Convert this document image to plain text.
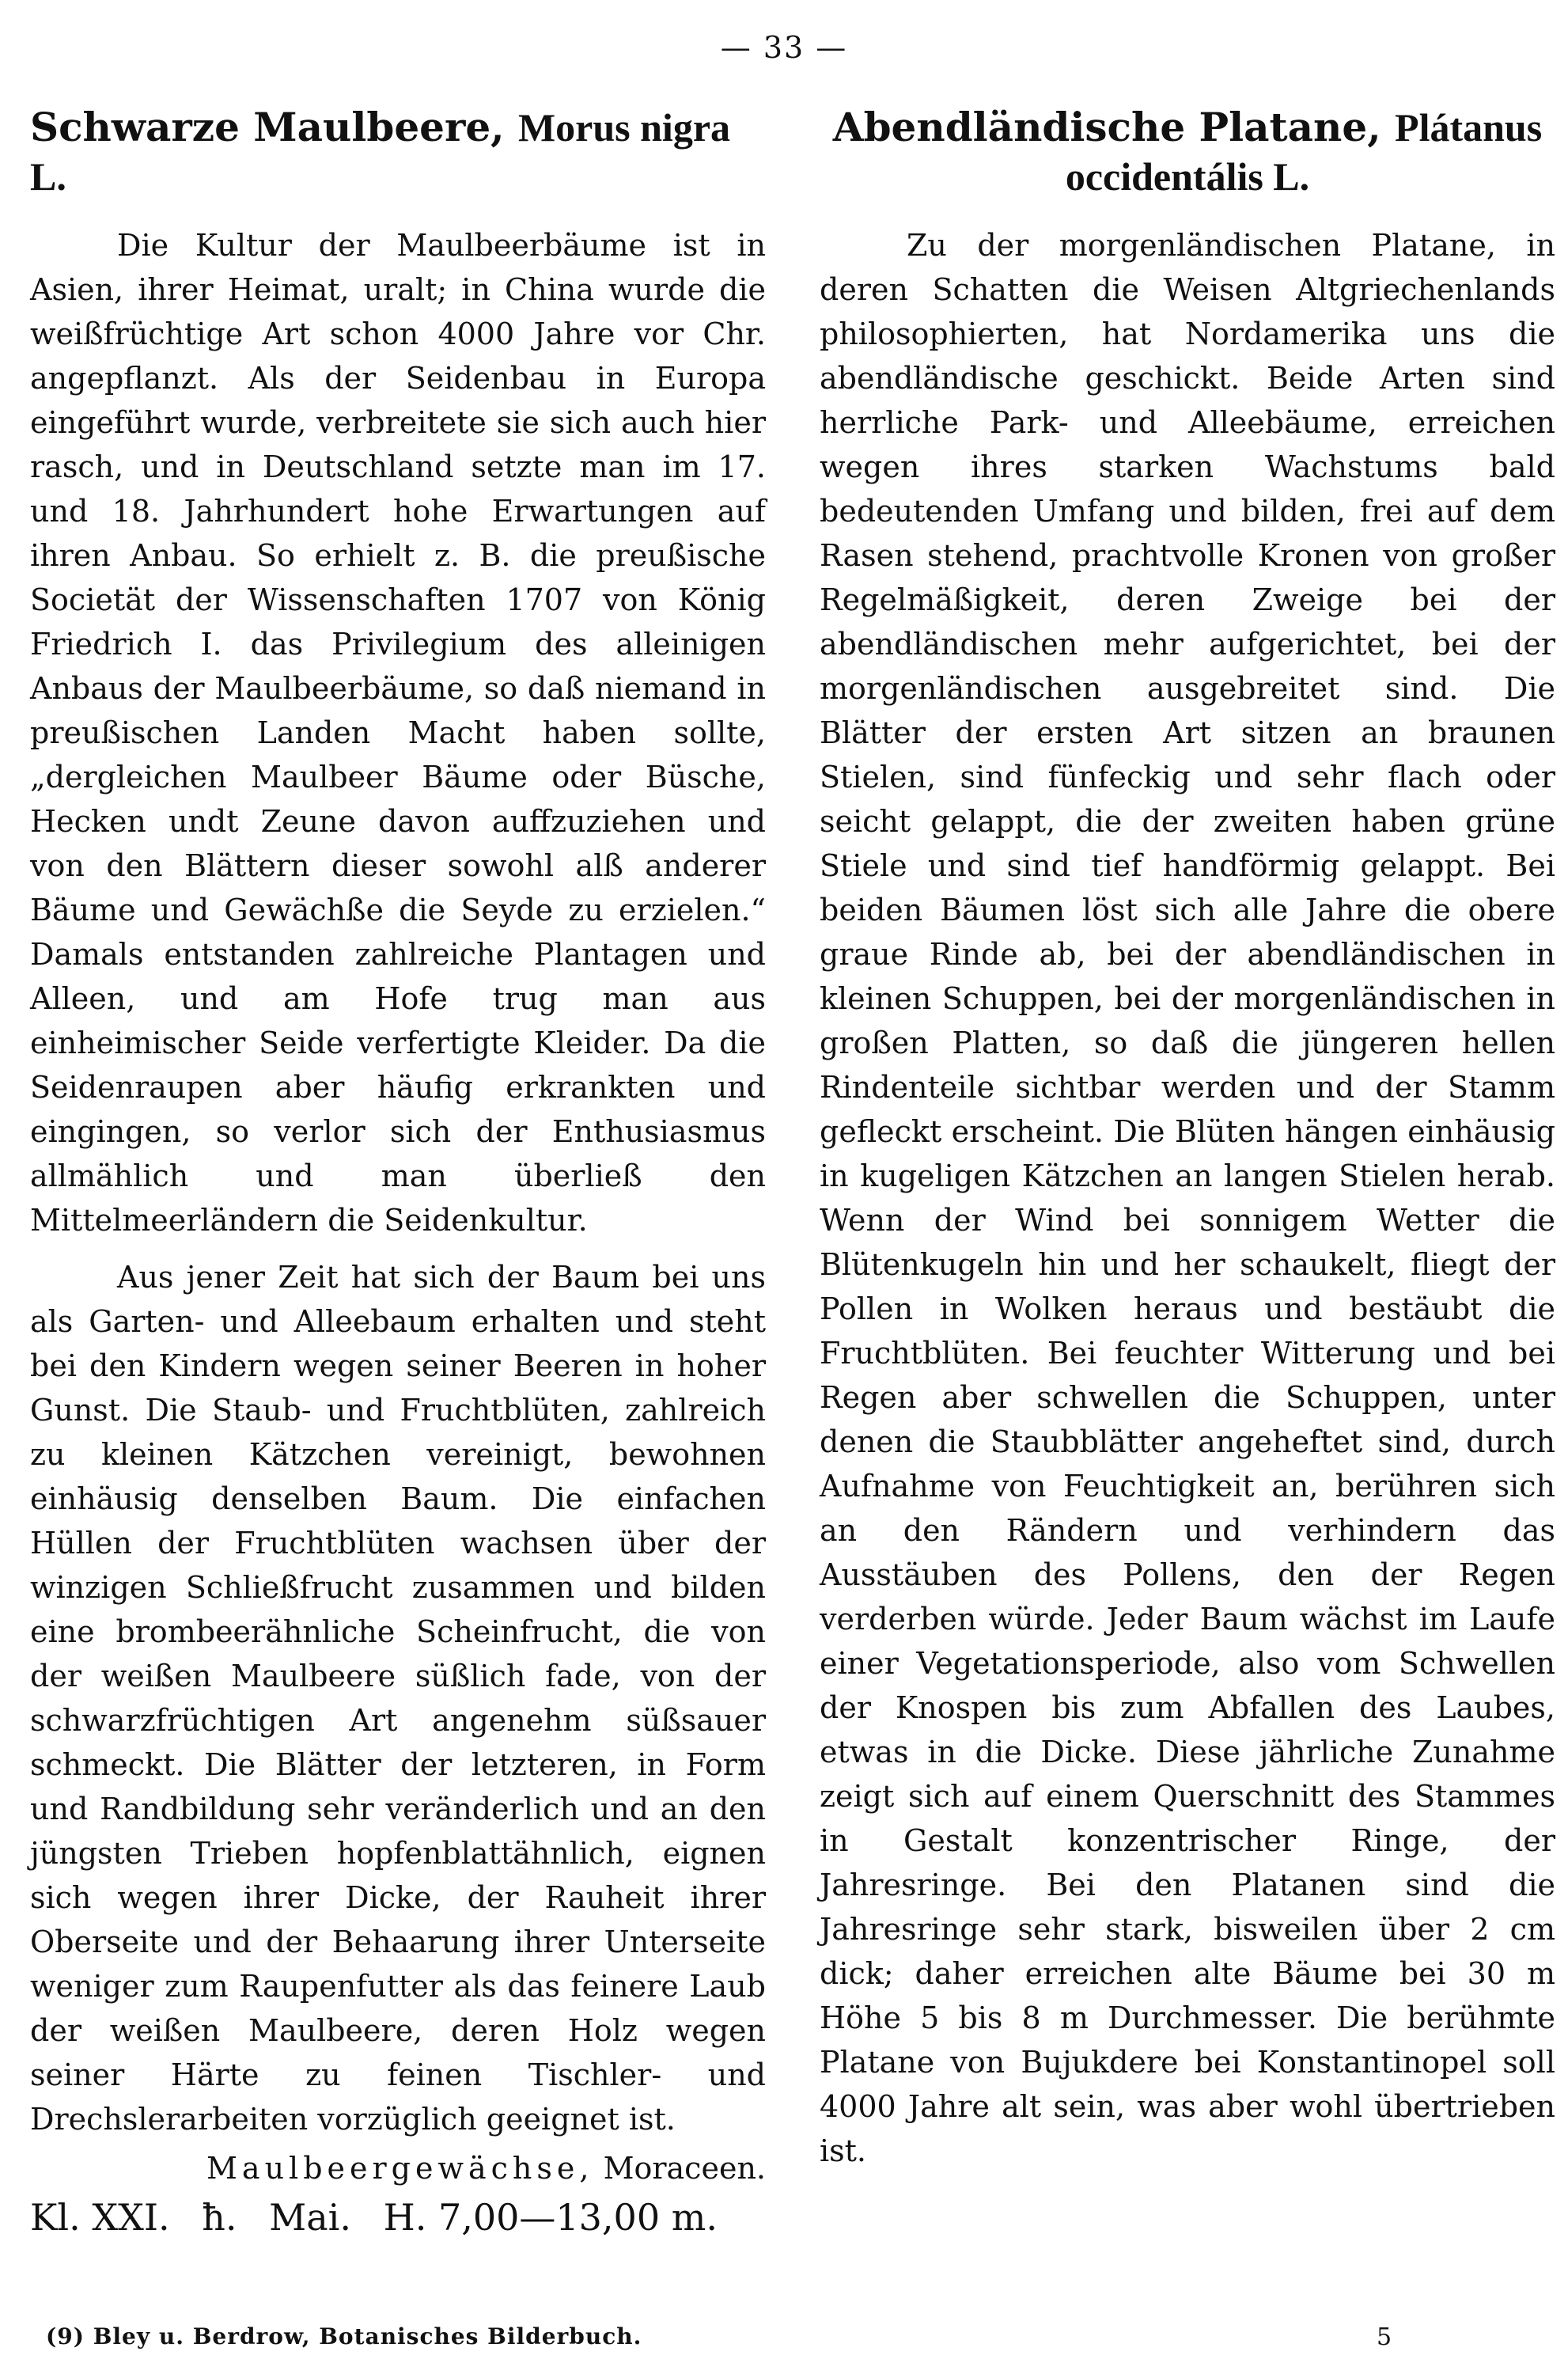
— 33 —
Schwarze Maulbeere, Morus nigra L.

Die Kultur der Maulbeerbäume ist in Asien, ihrer Heimat, uralt; in China wurde die weißfrüchtige Art schon 4000 Jahre vor Chr. angepflanzt. Als der Seidenbau in Europa eingeführt wurde, verbreitete sie sich auch hier rasch, und in Deutschland setzte man im 17. und 18. Jahrhundert hohe Erwartungen auf ihren Anbau. So erhielt z. B. die preußische Societät der Wissenschaften 1707 von König Friedrich I. das Privilegium des alleinigen Anbaus der Maulbeerbäume, so daß niemand in preußischen Landen Macht haben sollte, „dergleichen Maulbeer Bäume oder Büsche, Hecken undt Zeune davon auffzuziehen und von den Blättern dieser sowohl alß anderer Bäume und Gewächße die Seyde zu erzielen.“ Damals entstanden zahlreiche Plantagen und Alleen, und am Hofe trug man aus einheimischer Seide verfertigte Kleider. Da die Seidenraupen aber häufig erkrankten und eingingen, so verlor sich der Enthusiasmus allmählich und man überließ den Mittelmeerländern die Seidenkultur.

Aus jener Zeit hat sich der Baum bei uns als Garten- und Alleebaum erhalten und steht bei den Kindern wegen seiner Beeren in hoher Gunst. Die Staub- und Fruchtblüten, zahlreich zu kleinen Kätzchen vereinigt, bewohnen einhäusig denselben Baum. Die einfachen Hüllen der Fruchtblüten wachsen über der winzigen Schließfrucht zusammen und bilden eine brombeerähnliche Scheinfrucht, die von der weißen Maulbeere süßlich fade, von der schwarzfrüchtigen Art angenehm süßsauer schmeckt. Die Blätter der letzteren, in Form und Randbildung sehr veränderlich und an den jüngsten Trieben hopfenblattähnlich, eignen sich wegen ihrer Dicke, der Rauheit ihrer Oberseite und der Behaarung ihrer Unterseite weniger zum Raupenfutter als das feinere Laub der weißen Maulbeere, deren Holz wegen seiner Härte zu feinen Tischler- und Drechslerarbeiten vorzüglich geeignet ist.

Maulbeergewächse, Moraceen.

Kl. XXI. ħ. Mai. H. 7,00—13,00 m.

Abendländische Platane, Plátanus occidentális L.

Zu der morgenländischen Platane, in deren Schatten die Weisen Altgriechenlands philosophierten, hat Nordamerika uns die abendländische geschickt. Beide Arten sind herrliche Park- und Alleebäume, erreichen wegen ihres starken Wachstums bald bedeutenden Umfang und bilden, frei auf dem Rasen stehend, prachtvolle Kronen von großer Regelmäßigkeit, deren Zweige bei der abendländischen mehr aufgerichtet, bei der morgenländischen ausgebreitet sind. Die Blätter der ersten Art sitzen an braunen Stielen, sind fünfeckig und sehr flach oder seicht gelappt, die der zweiten haben grüne Stiele und sind tief handförmig gelappt. Bei beiden Bäumen löst sich alle Jahre die obere graue Rinde ab, bei der abendländischen in kleinen Schuppen, bei der morgenländischen in großen Platten, so daß die jüngeren hellen Rindenteile sichtbar werden und der Stamm gefleckt erscheint. Die Blüten hängen einhäusig in kugeligen Kätzchen an langen Stielen herab. Wenn der Wind bei sonnigem Wetter die Blütenkugeln hin und her schaukelt, fliegt der Pollen in Wolken heraus und bestäubt die Fruchtblüten. Bei feuchter Witterung und bei Regen aber schwellen die Schuppen, unter denen die Staubblätter angeheftet sind, durch Aufnahme von Feuchtigkeit an, berühren sich an den Rändern und verhindern das Ausstäuben des Pollens, den der Regen verderben würde. Jeder Baum wächst im Laufe einer Vegetationsperiode, also vom Schwellen der Knospen bis zum Abfallen des Laubes, etwas in die Dicke. Diese jährliche Zunahme zeigt sich auf einem Querschnitt des Stammes in Gestalt konzentrischer Ringe, der Jahresringe. Bei den Platanen sind die Jahresringe sehr stark, bisweilen über 2 cm dick; daher erreichen alte Bäume bei 30 m Höhe 5 bis 8 m Durchmesser. Die berühmte Platane von Bujukdere bei Konstantinopel soll 4000 Jahre alt sein, was aber wohl übertrieben ist.

(9) Bley u. Berdrow, Botanisches Bilderbuch.	5
